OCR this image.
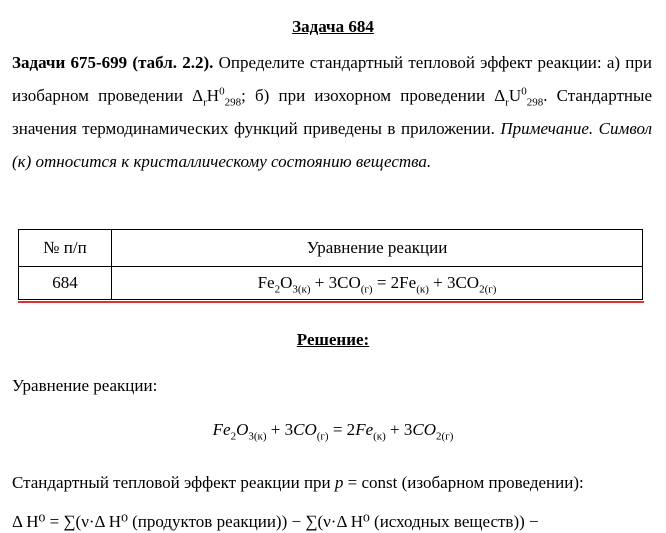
Задача 684

Задачи 675-699 (табл. 2.2). Определите стандартный тепловой эффект реакции: а) при изобарном проведении $\Delta_rH^0_{298}$; б) при изохорном проведении $\Delta_rU^0_{298}$. Стандартные значения термодинамических функций приведены в приложении. Примечание. Символ (к) относится к кристаллическому состоянию вещества.

№ п/п	Уравнение реакции
684	$Fe_2O_{3(к)} + 3CO_{(г)} = 2Fe_{(к)} + 3CO_{2(г)}$
Решение:
Уравнение реакции:
$Fe_2O_{3(к)} + 3CO_{(г)} = 2Fe_{(к)} + 3CO_{2(г)}$
Стандартный тепловой эффект реакции при p = const (изобарном проведении):
Δ H⁰ = ∑(ν·Δ H⁰ (продуктов реакции)) − ∑(ν·Δ H⁰ (исходных веществ)) −
